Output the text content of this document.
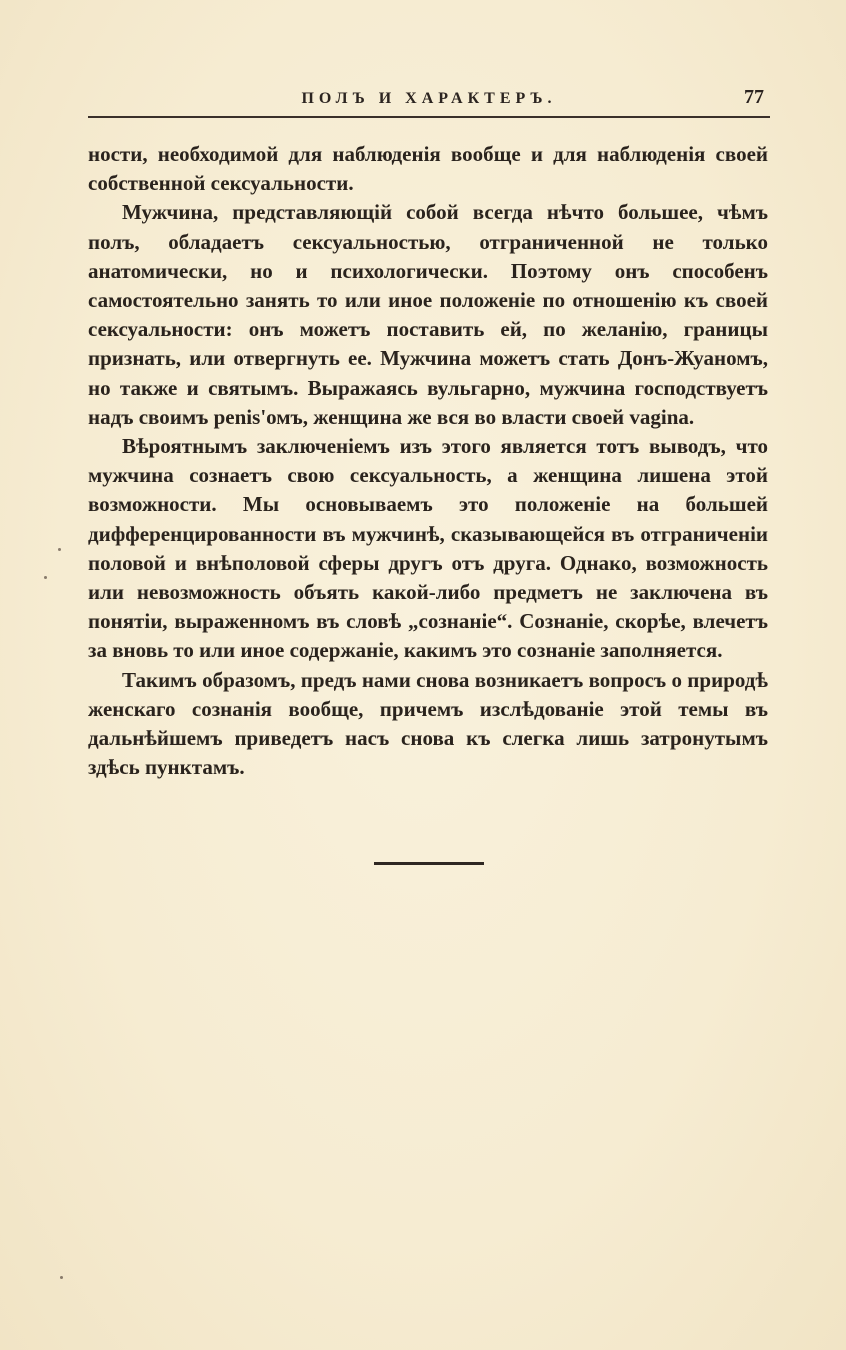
ПОЛЪ И ХАРАКТЕРЪ.	77

ности, необходимой для наблюденія вообще и для наблюденія своей собственной сексуальности.

Мужчина, представляющій собой всегда нѣчто большее, чѣмъ полъ, обладаетъ сексуальностью, отграниченной не только анатомически, но и психологически. Поэтому онъ способенъ самостоятельно занять то или иное положеніе по отношенію къ своей сексуальности: онъ можетъ поставить ей, по желанію, границы признать, или отвергнуть ее. Мужчина можетъ стать Донъ-Жуаномъ, но также и святымъ. Выражаясь вульгарно, мужчина господствуетъ надъ своимъ penis'омъ, женщина же вся во власти своей vagina.

Вѣроятнымъ заключеніемъ изъ этого является тотъ выводъ, что мужчина сознаетъ свою сексуальность, а женщина лишена этой возможности. Мы основываемъ это положеніе на большей дифференцированности въ мужчинѣ, сказывающейся въ отграниченіи половой и внѣполовой сферы другъ отъ друга. Однако, возможность или невозможность объять какой-либо предметъ не заключена въ понятіи, выраженномъ въ словѣ „сознаніе“. Сознаніе, скорѣе, влечетъ за вновь то или иное содержаніе, какимъ это сознаніе заполняется.

Такимъ образомъ, предъ нами снова возникаетъ вопросъ о природѣ женскаго сознанія вообще, причемъ изслѣдованіе этой темы въ дальнѣйшемъ приведетъ насъ снова къ слегка лишь затронутымъ здѣсь пунктамъ.
